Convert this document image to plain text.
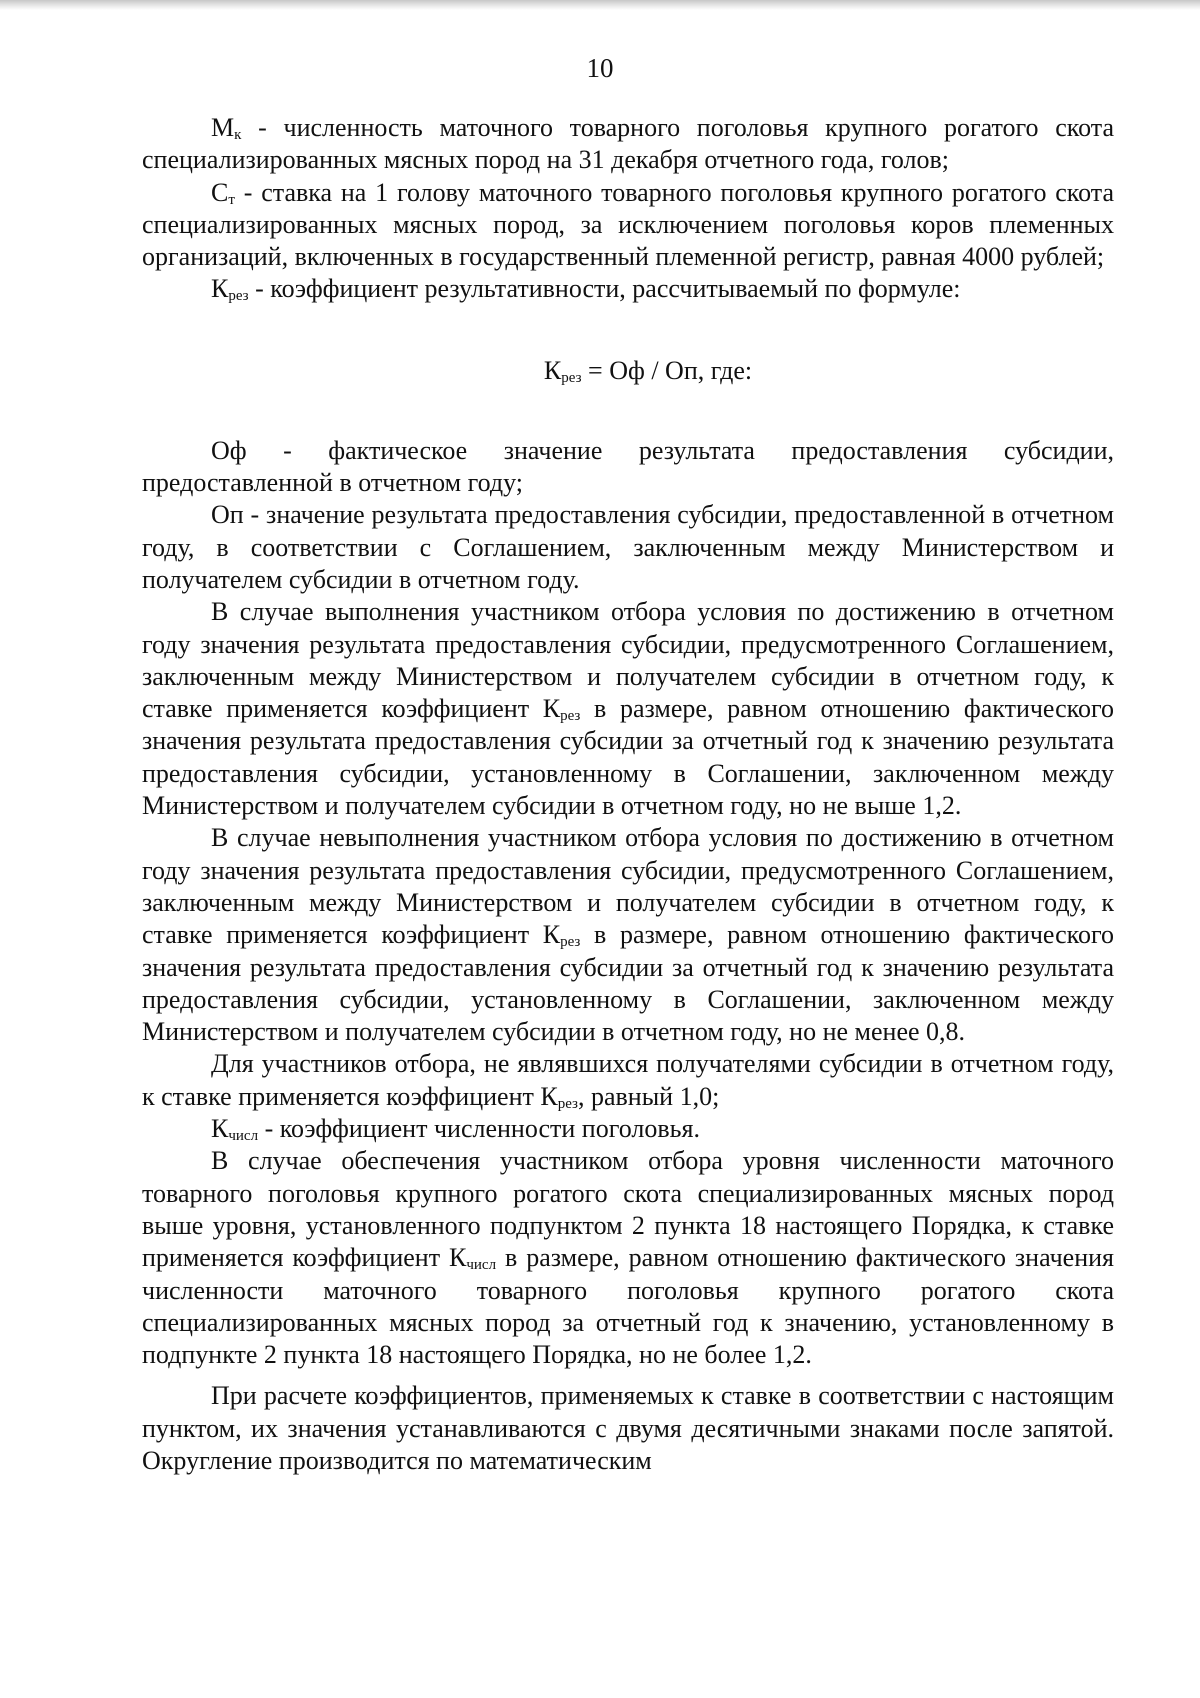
10

$М_к$ - численность маточного товарного поголовья крупного рогатого скота специализированных мясных пород на 31 декабря отчетного года, голов;

$С_т$ - ставка на 1 голову маточного товарного поголовья крупного рогатого скота специализированных мясных пород, за исключением поголовья коров племенных организаций, включенных в государственный племенной регистр, равная 4000 рублей;

$К_{рез}$ - коэффициент результативности, рассчитываемый по формуле:

$К_{рез}$ = Оф / Оп, где:

Оф - фактическое значение результата предоставления субсидии, предоставленной в отчетном году;

Оп - значение результата предоставления субсидии, предоставленной в отчетном году, в соответствии с Соглашением, заключенным между Министерством и получателем субсидии в отчетном году.

В случае выполнения участником отбора условия по достижению в отчетном году значения результата предоставления субсидии, предусмотренного Соглашением, заключенным между Министерством и получателем субсидии в отчетном году, к ставке применяется коэффициент $К_{рез}$ в размере, равном отношению фактического значения результата предоставления субсидии за отчетный год к значению результата предоставления субсидии, установленному в Соглашении, заключенном между Министерством и получателем субсидии в отчетном году, но не выше 1,2.

В случае невыполнения участником отбора условия по достижению в отчетном году значения результата предоставления субсидии, предусмотренного Соглашением, заключенным между Министерством и получателем субсидии в отчетном году, к ставке применяется коэффициент $К_{рез}$ в размере, равном отношению фактического значения результата предоставления субсидии за отчетный год к значению результата предоставления субсидии, установленному в Соглашении, заключенном между Министерством и получателем субсидии в отчетном году, но не менее 0,8.

Для участников отбора, не являвшихся получателями субсидии в отчетном году, к ставке применяется коэффициент $К_{рез}$, равный 1,0;

$К_{числ}$ - коэффициент численности поголовья.

В случае обеспечения участником отбора уровня численности маточного товарного поголовья крупного рогатого скота специализированных мясных пород выше уровня, установленного подпунктом 2 пункта 18 настоящего Порядка, к ставке применяется коэффициент $К_{числ}$ в размере, равном отношению фактического значения численности маточного товарного поголовья крупного рогатого скота специализированных мясных пород за отчетный год к значению, установленному в подпункте 2 пункта 18 настоящего Порядка, но не более 1,2.

При расчете коэффициентов, применяемых к ставке в соответствии с настоящим пунктом, их значения устанавливаются с двумя десятичными знаками после запятой. Округление производится по математическим
